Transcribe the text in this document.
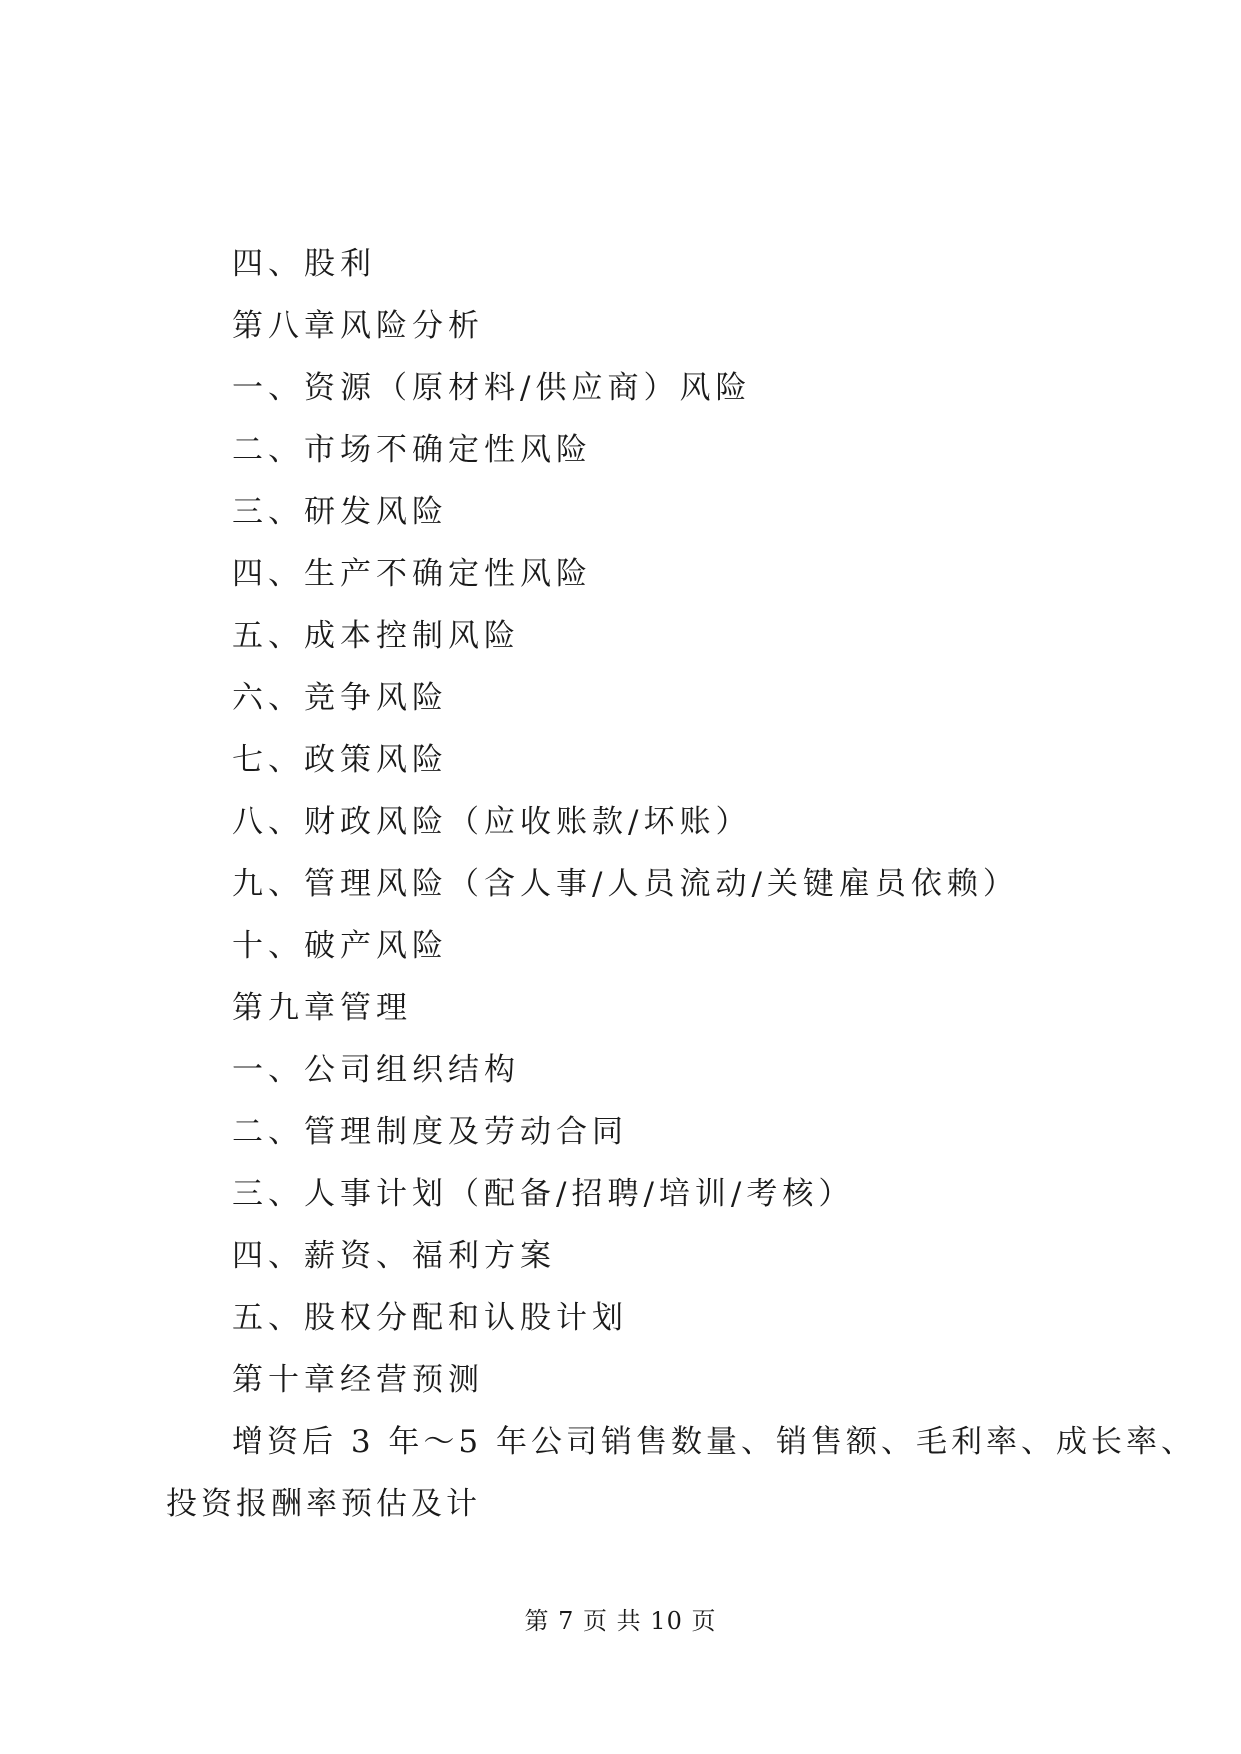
四、股利
第八章风险分析
一、资源（原材料/供应商）风险
二、市场不确定性风险
三、研发风险
四、生产不确定性风险
五、成本控制风险
六、竞争风险
七、政策风险
八、财政风险（应收账款/坏账）
九、管理风险（含人事/人员流动/关键雇员依赖）
十、破产风险
第九章管理
一、公司组织结构
二、管理制度及劳动合同
三、人事计划（配备/招聘/培训/考核）
四、薪资、福利方案
五、股权分配和认股计划
第十章经营预测
增资后 3 年～5 年公司销售数量、销售额、毛利率、成长率、
投资报酬率预估及计
第 7 页 共 10 页
